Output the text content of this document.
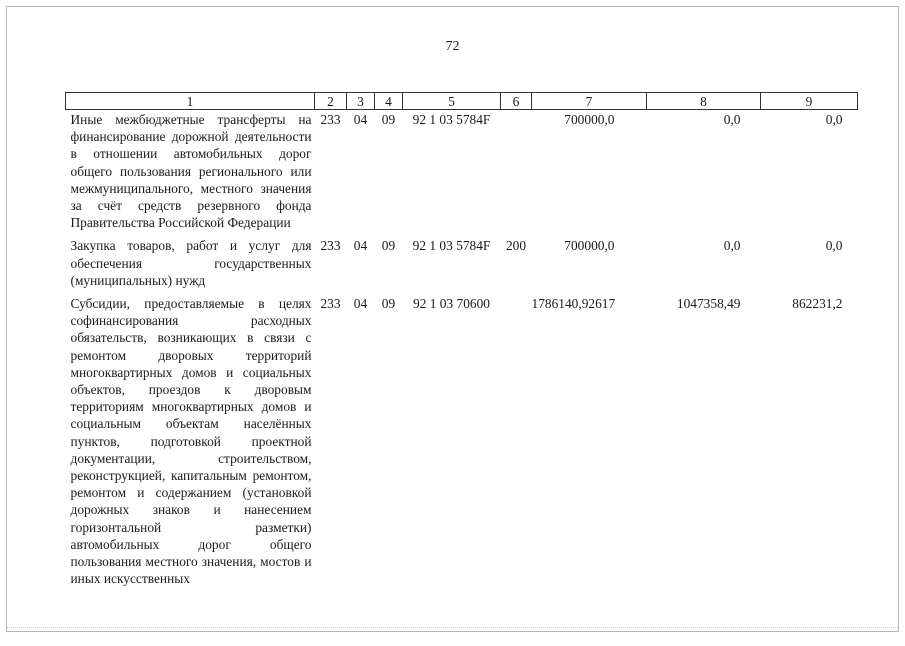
72
1	2	3	4	5	6	7	8	9
Иные межбюджетные трансферты на финансирование дорожной деятельности в отношении автомобильных дорог общего пользования регионального или межмуниципального, местного значения за счёт средств резервного фонда Правительства Российской Федерации	233	04	09	92 1 03 5784F		700000,0	0,0	0,0
Закупка товаров, работ и услуг для обеспечения государственных (муниципальных) нужд	233	04	09	92 1 03 5784F	200	700000,0	0,0	0,0
Субсидии, предоставляемые в целях софинансирования расходных обязательств, возникающих в связи с ремонтом дворовых территорий многоквартирных домов и социальных объектов, проездов к дворовым территориям многоквартирных домов и социальным объектам населённых пунктов, подготовкой проектной документации, строительством, реконструкцией, капитальным ремонтом, ремонтом и содержанием (установкой дорожных знаков и нанесением горизонтальной разметки) автомобильных дорог общего пользования местного значения, мостов и иных искусственных	233	04	09	92 1 03 70600		1786140,92617	1047358,49	862231,2
